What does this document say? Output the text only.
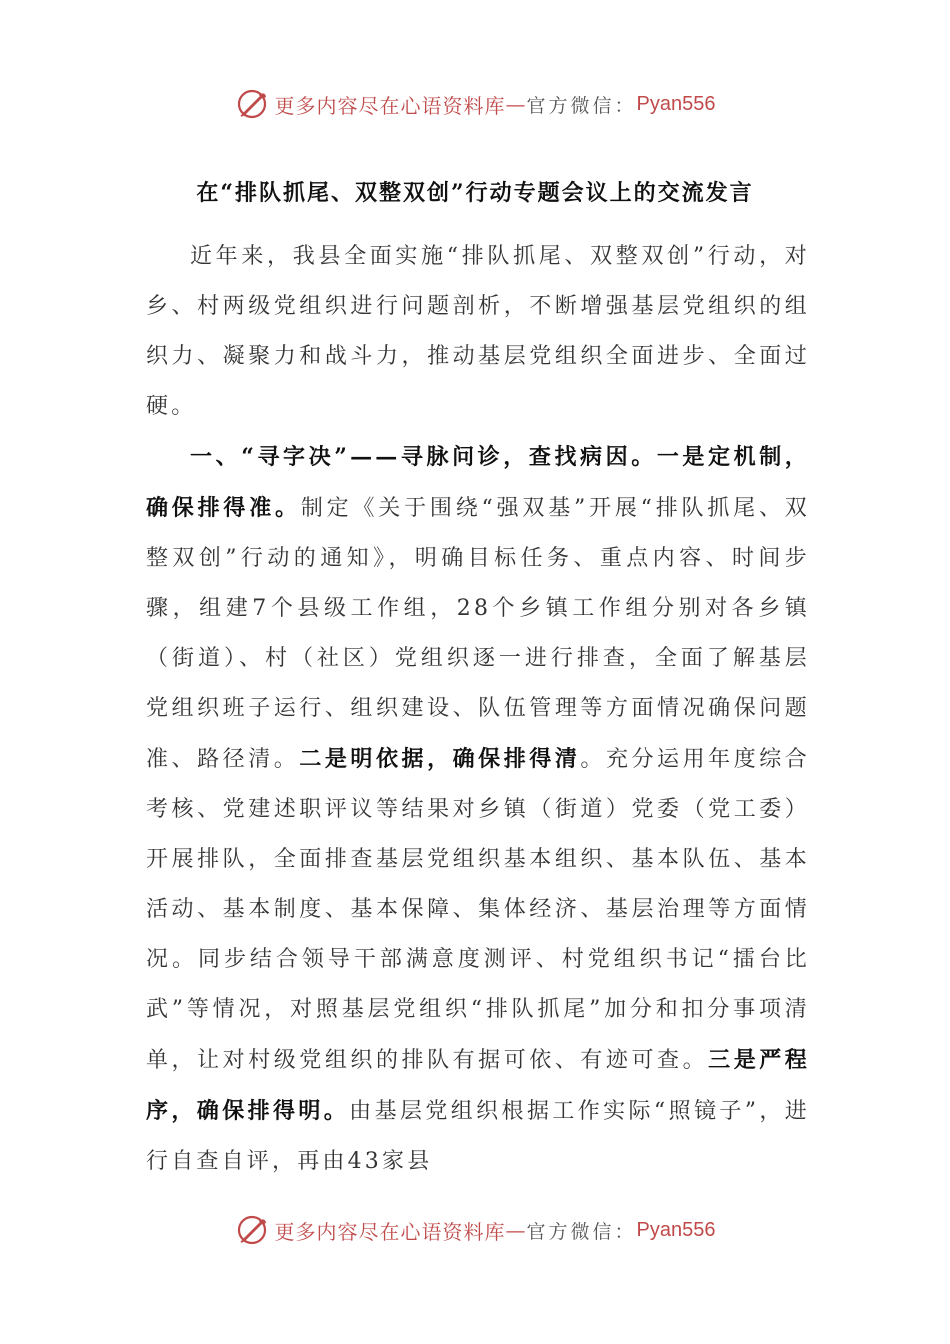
更多内容尽在心语资料库 — 官方微信： Pyan556
在“排队抓尾、双整双创”行动专题会议上的交流发言

近年来，我县全面实施“排队抓尾、双整双创”行动，对乡、村两级党组织进行问题剖析，不断增强基层党组织的组织力、凝聚力和战斗力，推动基层党组织全面进步、全面过硬。

一、“寻字决”——寻脉问诊，查找病因。一是定机制，确保排得准。制定《关于围绕“强双基”开展“排队抓尾、双整双创”行动的通知》，明确目标任务、重点内容、时间步骤，组建7个县级工作组，28个乡镇工作组分别对各乡镇（街道）、村（社区）党组织逐一进行排查，全面了解基层党组织班子运行、组织建设、队伍管理等方面情况确保问题准、路径清。二是明依据，确保排得清。充分运用年度综合考核、党建述职评议等结果对乡镇（街道）党委（党工委）开展排队，全面排查基层党组织基本组织、基本队伍、基本活动、基本制度、基本保障、集体经济、基层治理等方面情况。同步结合领导干部满意度测评、村党组织书记“擂台比武”等情况，对照基层党组织“排队抓尾”加分和扣分事项清单，让对村级党组织的排队有据可依、有迹可查。三是严程序，确保排得明。由基层党组织根据工作实际“照镜子”，进行自查自评，再由43家县

更多内容尽在心语资料库 — 官方微信： Pyan556
